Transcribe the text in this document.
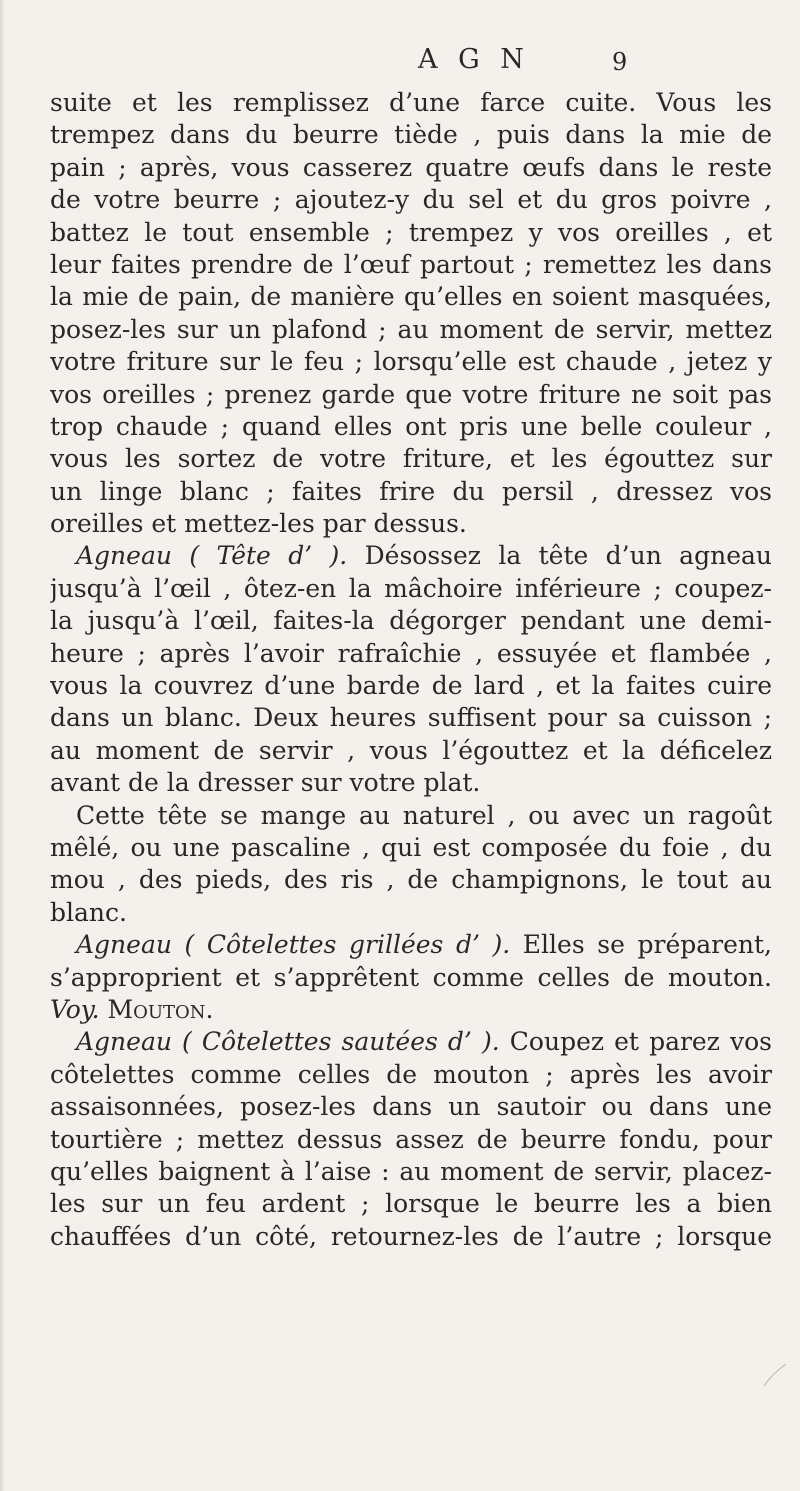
A G N	9
suite et les remplissez d’une farce cuite. Vous les
trempez dans du beurre tiède , puis dans la mie de
pain ; après, vous casserez quatre œufs dans le reste
de votre beurre ; ajoutez-y du sel et du gros poivre ,
battez le tout ensemble ; trempez y vos oreilles , et
leur faites prendre de l’œuf partout ; remettez les dans
la mie de pain, de manière qu’elles en soient masquées,
posez-les sur un plafond ; au moment de servir, mettez
votre friture sur le feu ; lorsqu’elle est chaude , jetez y
vos oreilles ; prenez garde que votre friture ne soit pas
trop chaude ; quand elles ont pris une belle couleur ,
vous les sortez de votre friture, et les égouttez sur
un linge blanc ; faites frire du persil , dressez vos
oreilles et mettez-les par dessus.
Agneau ( Tête d’ ). Désossez la tête d’un agneau
jusqu’à l’œil , ôtez-en la mâchoire inférieure ; coupez-
la jusqu’à l’œil, faites-la dégorger pendant une demi-
heure ; après l’avoir rafraîchie , essuyée et flambée ,
vous la couvrez d’une barde de lard , et la faites cuire
dans un blanc. Deux heures suffisent pour sa cuisson ;
au moment de servir , vous l’égouttez et la déficelez
avant de la dresser sur votre plat.
Cette tête se mange au naturel , ou avec un ragoût
mêlé, ou une pascaline , qui est composée du foie , du
mou , des pieds, des ris , de champignons, le tout au
blanc.
Agneau ( Côtelettes grillées d’ ). Elles se préparent,
s’approprient et s’apprêtent comme celles de mouton.
Voy. Mouton.
Agneau ( Côtelettes sautées d’ ). Coupez et parez vos
côtelettes comme celles de mouton ; après les avoir
assaisonnées, posez-les dans un sautoir ou dans une
tourtière ; mettez dessus assez de beurre fondu, pour
qu’elles baignent à l’aise : au moment de servir, placez-
les sur un feu ardent ; lorsque le beurre les a bien
chauffées d’un côté, retournez-les de l’autre ; lorsque
